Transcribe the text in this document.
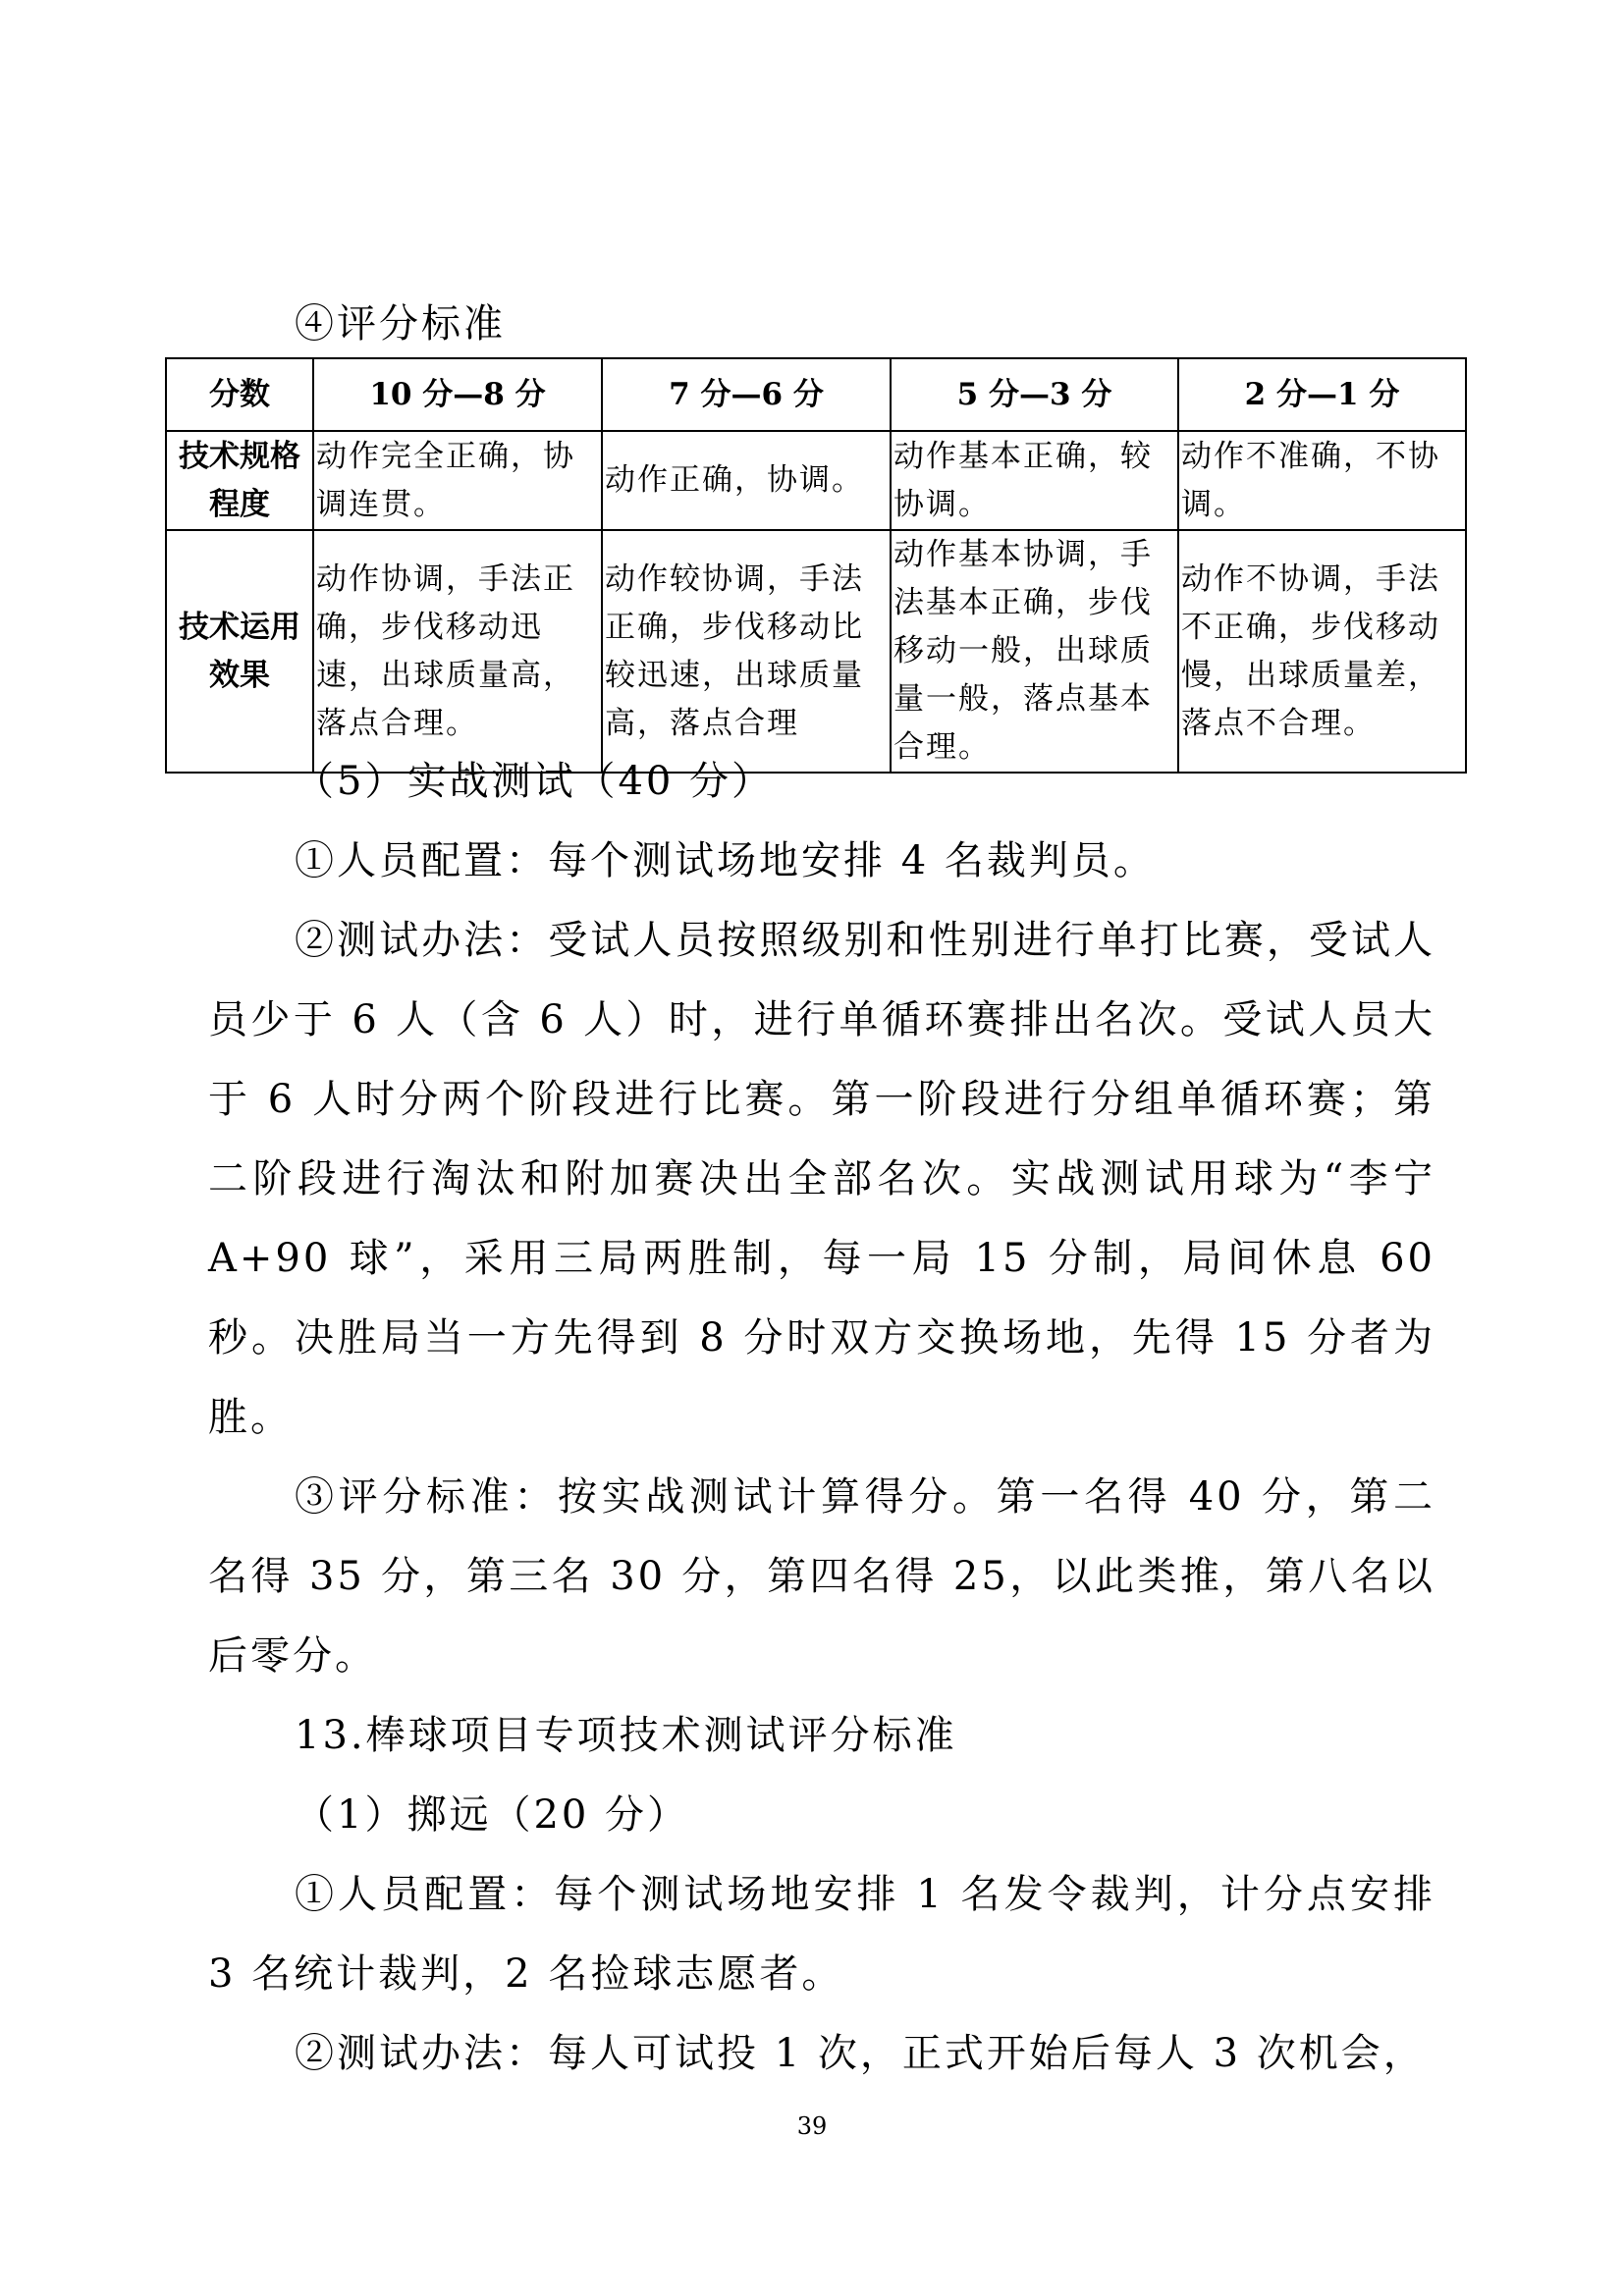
④评分标准
分数	10 分—8 分	7 分—6 分	5 分—3 分	2 分—1 分
技术规格程度	动作完全正确，协调连贯。	动作正确，协调。	动作基本正确，较协调。	动作不准确，不协调。
技术运用效果	动作协调，手法正确，步伐移动迅速，出球质量高，落点合理。	动作较协调，手法正确，步伐移动比较迅速，出球质量高，落点合理	动作基本协调，手法基本正确，步伐移动一般，出球质量一般，落点基本合理。	动作不协调，手法不正确，步伐移动慢，出球质量差，落点不合理。

（5）实战测试（40 分）

①人员配置：每个测试场地安排 4 名裁判员。

②测试办法：受试人员按照级别和性别进行单打比赛，受试人员少于 6 人（含 6 人）时，进行单循环赛排出名次。受试人员大于 6 人时分两个阶段进行比赛。第一阶段进行分组单循环赛；第二阶段进行淘汰和附加赛决出全部名次。实战测试用球为“李宁 A+90 球”，采用三局两胜制，每一局 15 分制，局间休息 60 秒。决胜局当一方先得到 8 分时双方交换场地，先得 15 分者为胜。

③评分标准：按实战测试计算得分。第一名得 40 分，第二名得 35 分，第三名 30 分，第四名得 25，以此类推，第八名以后零分。

13.棒球项目专项技术测试评分标准

（1）掷远（20 分）

①人员配置：每个测试场地安排 1 名发令裁判，计分点安排 3 名统计裁判，2 名捡球志愿者。

②测试办法：每人可试投 1 次，正式开始后每人 3 次机会，

39
